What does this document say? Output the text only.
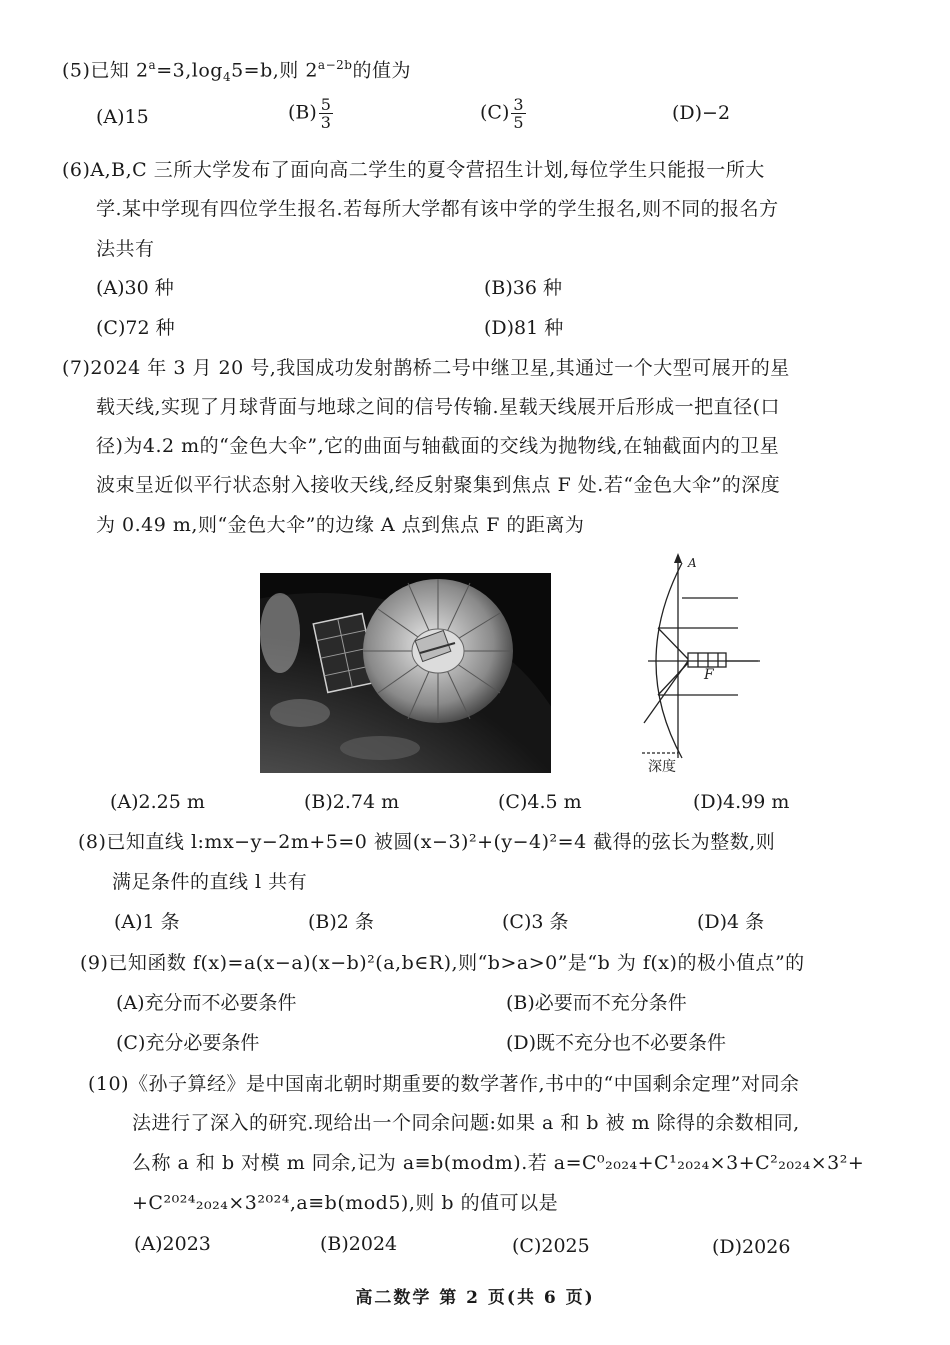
(5)已知 $2^a=3,\log_45=b$,则 $2^{a-2b}$的值为
(A)15	$(B) \frac{5}{3}$	$(C) \frac{3}{5}$	(D)−2
(6)A,B,C 三所大学发布了面向高二学生的夏令营招生计划,每位学生只能报一所大
学.某中学现有四位学生报名.若每所大学都有该中学的学生报名,则不同的报名方
法共有
(A)30 种	(B)36 种
(C)72 种	(D)81 种
(7)2024 年 3 月 20 号,我国成功发射鹊桥二号中继卫星,其通过一个大型可展开的星
载天线,实现了月球背面与地球之间的信号传输.星载天线展开后形成一把直径(口
径)为4.2 m的“金色大伞”,它的曲面与轴截面的交线为抛物线,在轴截面内的卫星
波束呈近似平行状态射入接收天线,经反射聚集到焦点 F 处.若“金色大伞”的深度
为 0.49 m,则“金色大伞”的边缘 A 点到焦点 F 的距离为
F
A
深度
(A)2.25 m	(B)2.74 m	(C)4.5 m	(D)4.99 m
(8)已知直线 l:mx−y−2m+5=0 被圆(x−3)²+(y−4)²=4 截得的弦长为整数,则
满足条件的直线 l 共有
(A)1 条	(B)2 条	(C)3 条	(D)4 条
(9)已知函数 f(x)=a(x−a)(x−b)²(a,b∈R),则“b>a>0”是“b 为 f(x)的极小值点”的
(A)充分而不必要条件	(B)必要而不充分条件
(C)充分必要条件	(D)既不充分也不必要条件
(10)《孙子算经》是中国南北朝时期重要的数学著作,书中的“中国剩余定理”对同余
法进行了深入的研究.现给出一个同余问题:如果 a 和 b 被 m 除得的余数相同,
么称 a 和 b 对模 m 同余,记为 a≡b(modm).若 a=C⁰₂₀₂₄+C¹₂₀₂₄×3+C²₂₀₂₄×3²+
+C²⁰²⁴₂₀₂₄×3²⁰²⁴,a≡b(mod5),则 b 的值可以是
(A)2023	(B)2024	(C)2025	(D)2026
高二数学 第 2 页(共 6 页)
